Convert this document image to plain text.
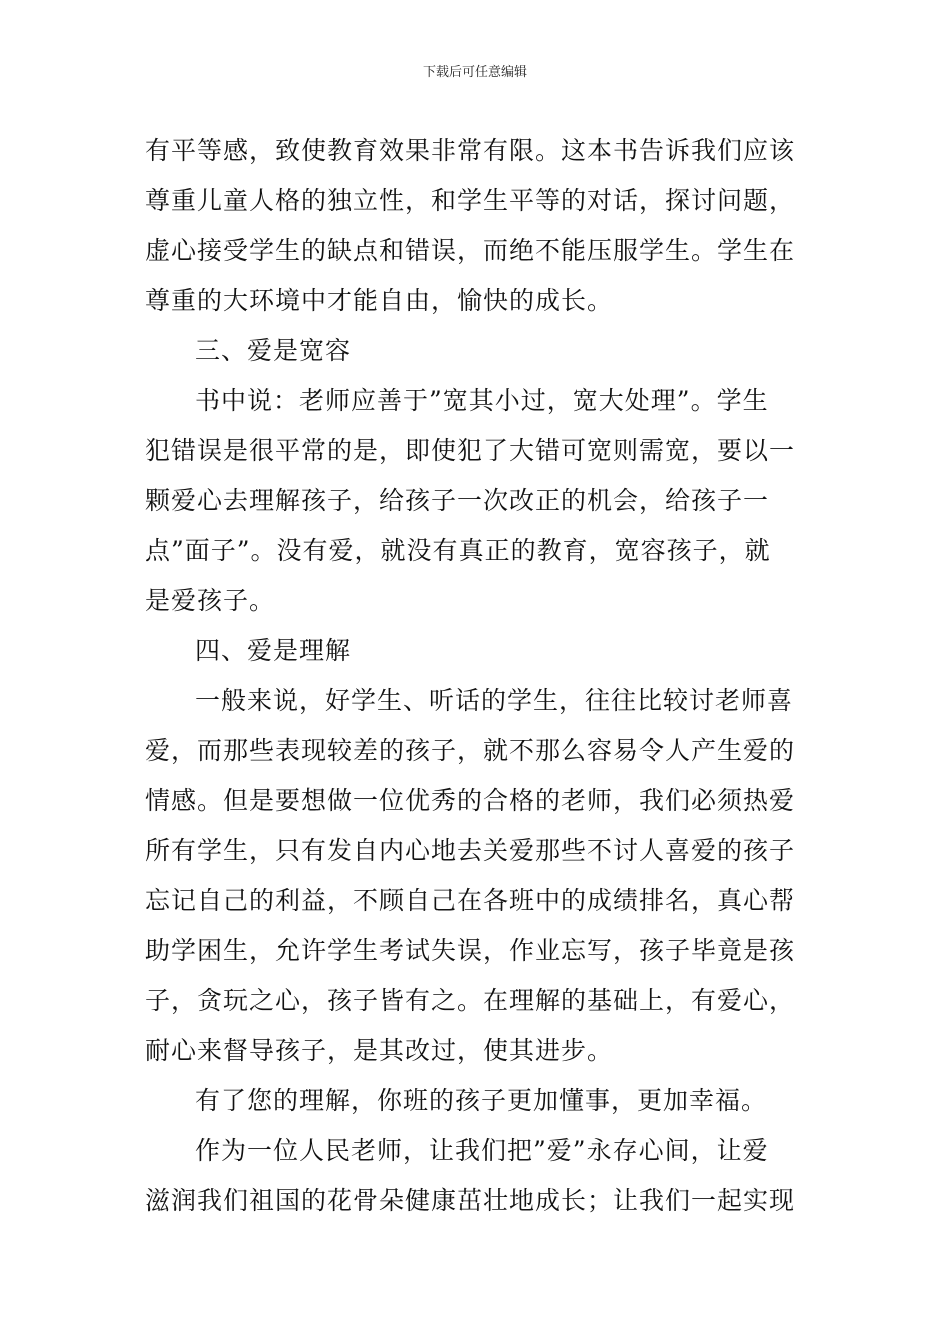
下载后可任意编辑
有平等感，致使教育效果非常有限。这本书告诉我们应该
尊重儿童人格的独立性，和学生平等的对话，探讨问题，
虚心接受学生的缺点和错误，而绝不能压服学生。学生在
尊重的大环境中才能自由，愉快的成长。
三、爱是宽容
书中说：老师应善于”宽其小过，宽大处理”。学生
犯错误是很平常的是，即使犯了大错可宽则需宽，要以一
颗爱心去理解孩子，给孩子一次改正的机会，给孩子一
点”面子”。没有爱，就没有真正的教育，宽容孩子，就
是爱孩子。
四、爱是理解
一般来说，好学生、听话的学生，往往比较讨老师喜
爱，而那些表现较差的孩子，就不那么容易令人产生爱的
情感。但是要想做一位优秀的合格的老师，我们必须热爱
所有学生，只有发自内心地去关爱那些不讨人喜爱的孩子
忘记自己的利益，不顾自己在各班中的成绩排名，真心帮
助学困生，允许学生考试失误，作业忘写，孩子毕竟是孩
子，贪玩之心，孩子皆有之。在理解的基础上，有爱心，
耐心来督导孩子，是其改过，使其进步。
有了您的理解，你班的孩子更加懂事，更加幸福。
作为一位人民老师，让我们把”爱”永存心间，让爱
滋润我们祖国的花骨朵健康茁壮地成长；让我们一起实现
